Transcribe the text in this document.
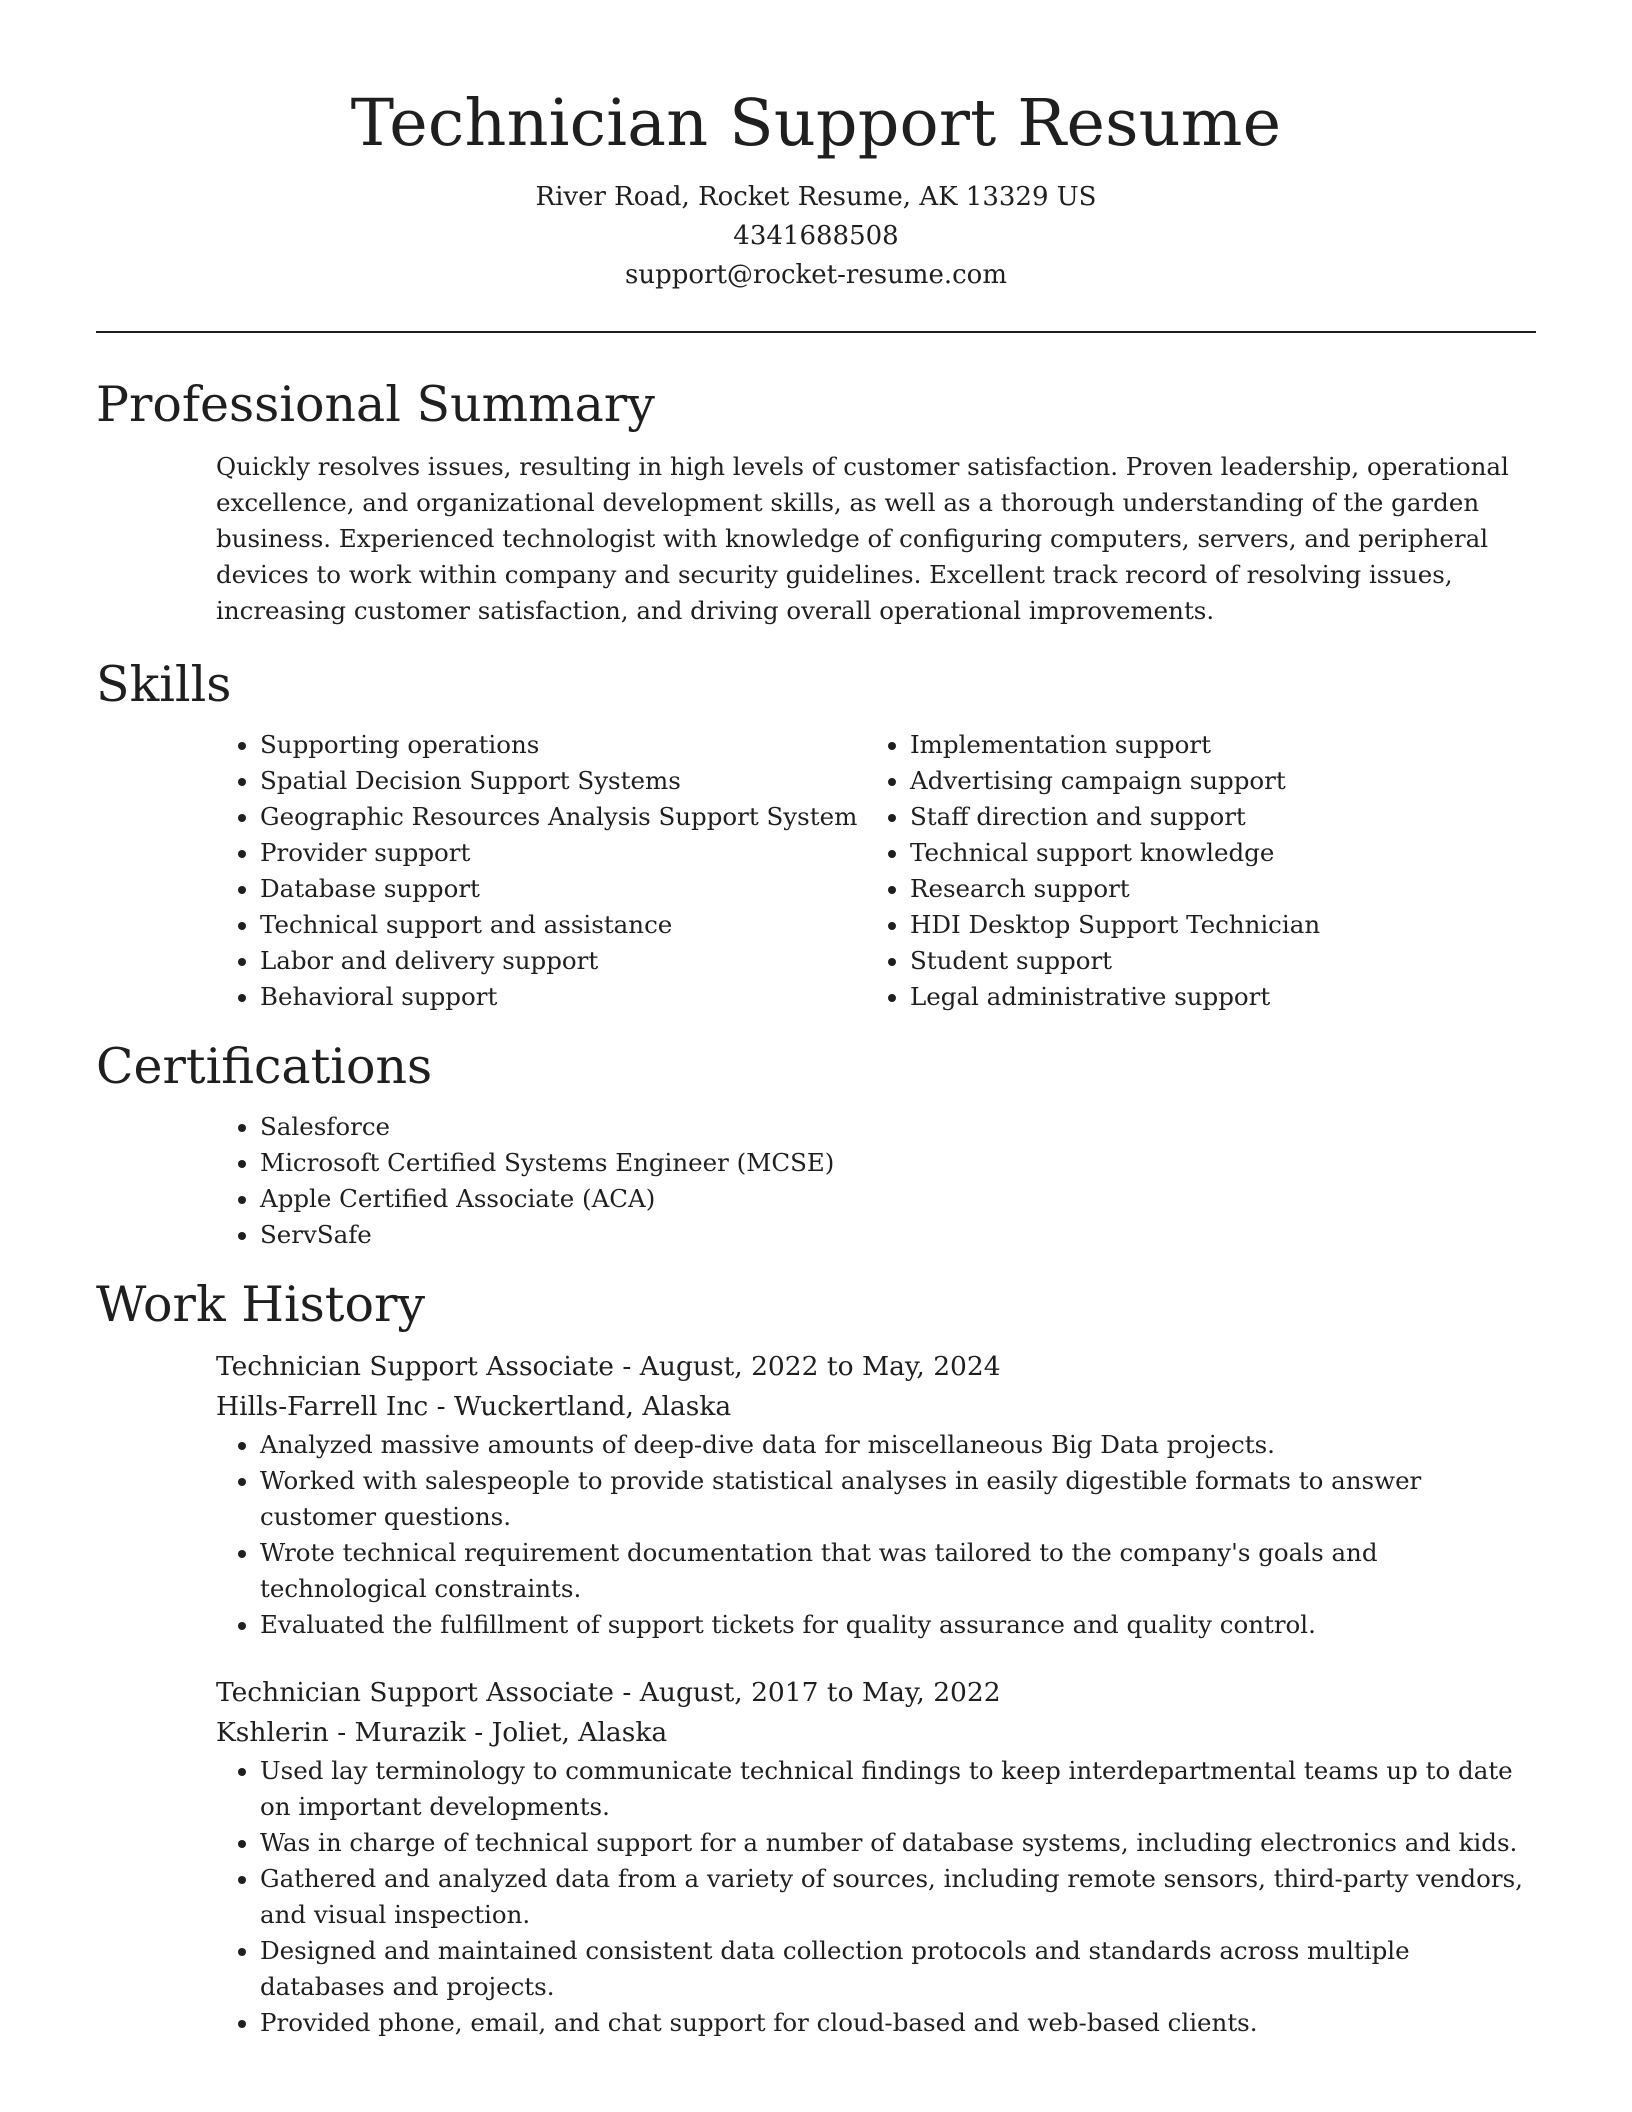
Technician Support Resume
River Road, Rocket Resume, AK 13329 US
4341688508
support@rocket-resume.com
Professional Summary

Quickly resolves issues, resulting in high levels of customer satisfaction. Proven leadership, operational excellence, and organizational development skills, as well as a thorough understanding of the garden business. Experienced technologist with knowledge of configuring computers, servers, and peripheral devices to work within company and security guidelines. Excellent track record of resolving issues, increasing customer satisfaction, and driving overall operational improvements.

Skills
• Supporting operations
• Spatial Decision Support Systems
• Geographic Resources Analysis Support System
• Provider support
• Database support
• Technical support and assistance
• Labor and delivery support
• Behavioral support
• Implementation support
• Advertising campaign support
• Staff direction and support
• Technical support knowledge
• Research support
• HDI Desktop Support Technician
• Student support
• Legal administrative support
Certifications
• Salesforce
• Microsoft Certified Systems Engineer (MCSE)
• Apple Certified Associate (ACA)
• ServSafe
Work History
Technician Support Associate - August, 2022 to May, 2024
Hills-Farrell Inc - Wuckertland, Alaska
• Analyzed massive amounts of deep-dive data for miscellaneous Big Data projects.
• Worked with salespeople to provide statistical analyses in easily digestible formats to answer customer questions.
• Wrote technical requirement documentation that was tailored to the company's goals and technological constraints.
• Evaluated the fulfillment of support tickets for quality assurance and quality control.
Technician Support Associate - August, 2017 to May, 2022
Kshlerin - Murazik - Joliet, Alaska
• Used lay terminology to communicate technical findings to keep interdepartmental teams up to date on important developments.
• Was in charge of technical support for a number of database systems, including electronics and kids.
• Gathered and analyzed data from a variety of sources, including remote sensors, third-party vendors, and visual inspection.
• Designed and maintained consistent data collection protocols and standards across multiple databases and projects.
• Provided phone, email, and chat support for cloud-based and web-based clients.
